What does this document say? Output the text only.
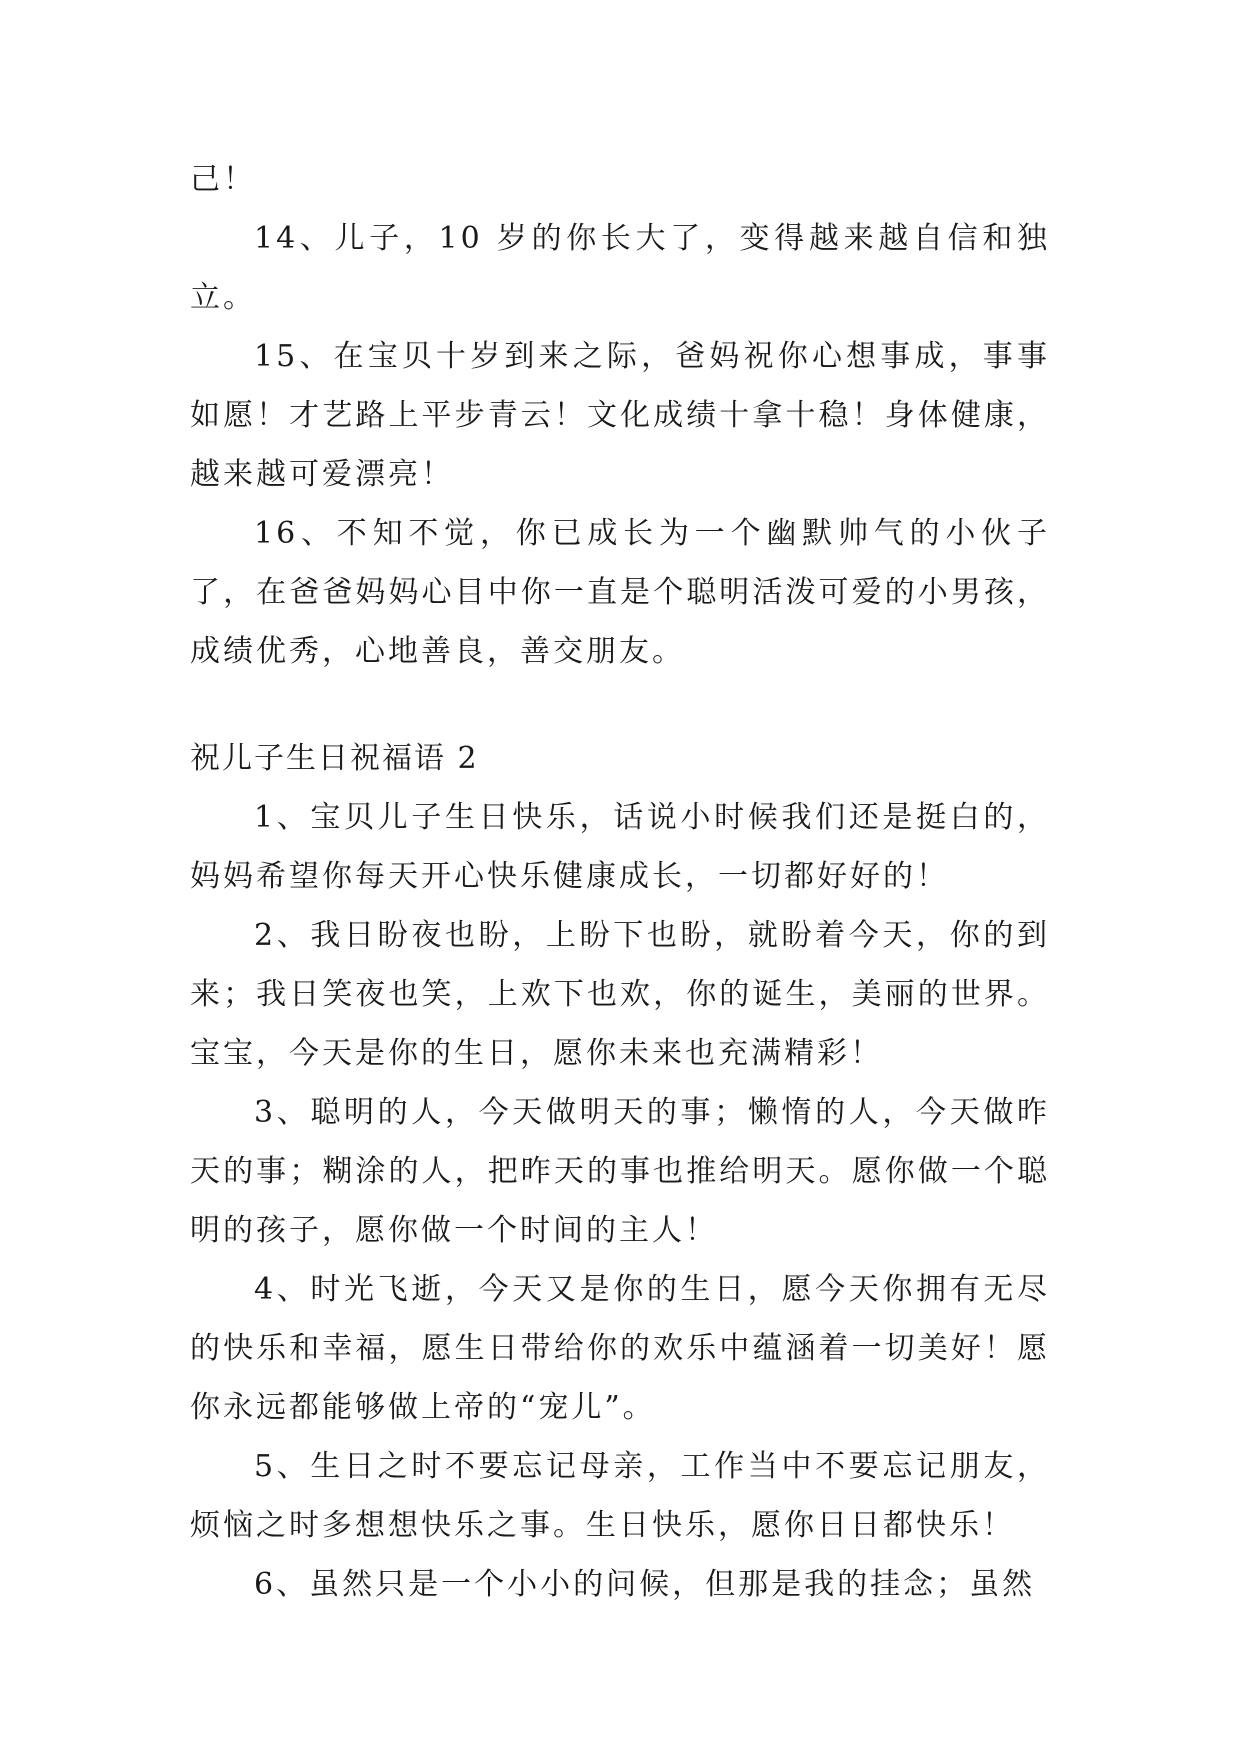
己！

14、儿子，10 岁的你长大了，变得越来越自信和独立。

15、在宝贝十岁到来之际，爸妈祝你心想事成，事事如愿！才艺路上平步青云！文化成绩十拿十稳！身体健康，越来越可爱漂亮！

16、不知不觉，你已成长为一个幽默帅气的小伙子了，在爸爸妈妈心目中你一直是个聪明活泼可爱的小男孩，成绩优秀，心地善良，善交朋友。

祝儿子生日祝福语 2

1、宝贝儿子生日快乐，话说小时候我们还是挺白的，妈妈希望你每天开心快乐健康成长，一切都好好的！

2、我日盼夜也盼，上盼下也盼，就盼着今天，你的到来；我日笑夜也笑，上欢下也欢，你的诞生，美丽的世界。宝宝，今天是你的生日，愿你未来也充满精彩！

3、聪明的人，今天做明天的事；懒惰的人，今天做昨天的事；糊涂的人，把昨天的事也推给明天。愿你做一个聪明的孩子，愿你做一个时间的主人！

4、时光飞逝，今天又是你的生日，愿今天你拥有无尽的快乐和幸福，愿生日带给你的欢乐中蕴涵着一切美好！愿你永远都能够做上帝的“宠儿”。

5、生日之时不要忘记母亲，工作当中不要忘记朋友，烦恼之时多想想快乐之事。生日快乐，愿你日日都快乐！

6、虽然只是一个小小的问候，但那是我的挂念；虽然
